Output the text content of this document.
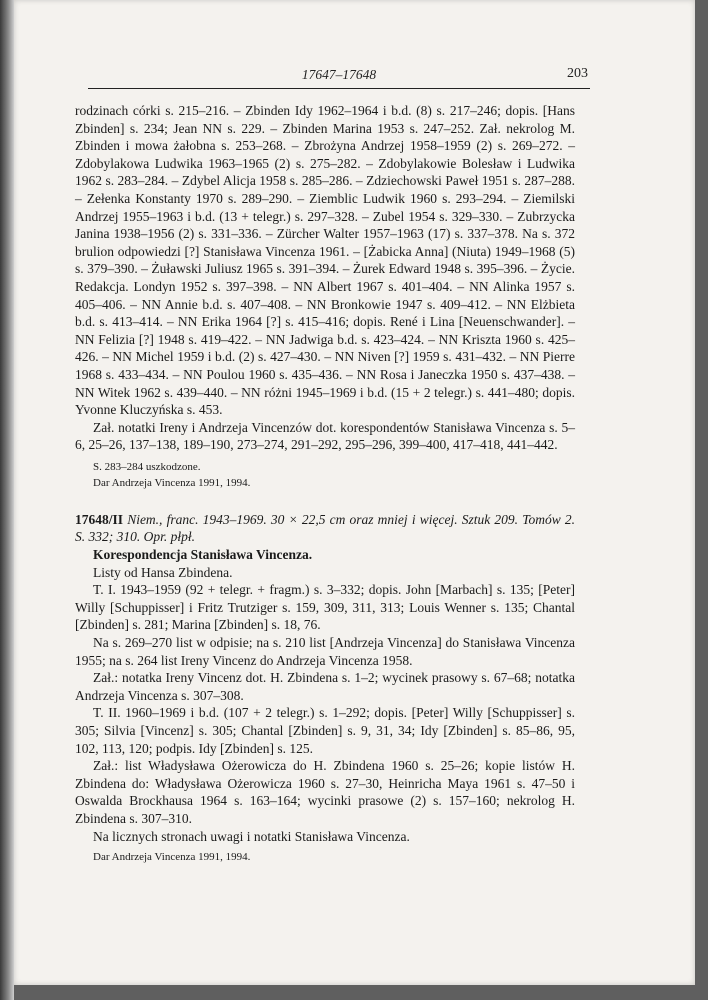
17647–17648	203

rodzinach córki s. 215–216. – Zbinden Idy 1962–1964 i b.d. (8) s. 217–246; dopis. [Hans Zbinden] s. 234; Jean NN s. 229. – Zbinden Marina 1953 s. 247–252. Zał. nekrolog M. Zbinden i mowa żałobna s. 253–268. – Zbrożyna Andrzej 1958–1959 (2) s. 269–272. – Zdobylakowa Ludwika 1963–1965 (2) s. 275–282. – Zdobylakowie Bolesław i Ludwika 1962 s. 283–284. – Zdybel Alicja 1958 s. 285–286. – Zdziechowski Paweł 1951 s. 287–288. – Zełenka Konstanty 1970 s. 289–290. – Ziemblic Ludwik 1960 s. 293–294. – Ziemilski Andrzej 1955–1963 i b.d. (13 + telegr.) s. 297–328. – Zubel 1954 s. 329–330. – Zubrzycka Janina 1938–1956 (2) s. 331–336. – Zürcher Walter 1957–1963 (17) s. 337–378. Na s. 372 brulion odpowiedzi [?] Stanisława Vincenza 1961. – [Żabicka Anna] (Niuta) 1949–1968 (5) s. 379–390. – Żuławski Juliusz 1965 s. 391–394. – Żurek Edward 1948 s. 395–396. – Życie. Redakcja. Londyn 1952 s. 397–398. – NN Albert 1967 s. 401–404. – NN Alinka 1957 s. 405–406. – NN Annie b.d. s. 407–408. – NN Bronkowie 1947 s. 409–412. – NN Elżbieta b.d. s. 413–414. – NN Erika 1964 [?] s. 415–416; dopis. René i Lina [Neuenschwander]. – NN Felizia [?] 1948 s. 419–422. – NN Jadwiga b.d. s. 423–424. – NN Kriszta 1960 s. 425–426. – NN Michel 1959 i b.d. (2) s. 427–430. – NN Niven [?] 1959 s. 431–432. – NN Pierre 1968 s. 433–434. – NN Poulou 1960 s. 435–436. – NN Rosa i Janeczka 1950 s. 437–438. – NN Witek 1962 s. 439–440. – NN różni 1945–1969 i b.d. (15 + 2 telegr.) s. 441–480; dopis. Yvonne Kluczyńska s. 453.

Zał. notatki Ireny i Andrzeja Vincenzów dot. korespondentów Stanisława Vincenza s. 5–6, 25–26, 137–138, 189–190, 273–274, 291–292, 295–296, 399–400, 417–418, 441–442.

S. 283–284 uszkodzone.

Dar Andrzeja Vincenza 1991, 1994.

17648/II Niem., franc. 1943–1969. 30 × 22,5 cm oraz mniej i więcej. Sztuk 209. Tomów 2. S. 332; 310. Opr. płpł.

Korespondencja Stanisława Vincenza.

Listy od Hansa Zbindena.

T. I. 1943–1959 (92 + telegr. + fragm.) s. 3–332; dopis. John [Marbach] s. 135; [Peter] Willy [Schuppisser] i Fritz Trutziger s. 159, 309, 311, 313; Louis Wenner s. 135; Chantal [Zbinden] s. 281; Marina [Zbinden] s. 18, 76.

Na s. 269–270 list w odpisie; na s. 210 list [Andrzeja Vincenza] do Stanisława Vincenza 1955; na s. 264 list Ireny Vincenz do Andrzeja Vincenza 1958.

Zał.: notatka Ireny Vincenz dot. H. Zbindena s. 1–2; wycinek prasowy s. 67–68; notatka Andrzeja Vincenza s. 307–308.

T. II. 1960–1969 i b.d. (107 + 2 telegr.) s. 1–292; dopis. [Peter] Willy [Schuppisser] s. 305; Silvia [Vincenz] s. 305; Chantal [Zbinden] s. 9, 31, 34; Idy [Zbinden] s. 85–86, 95, 102, 113, 120; podpis. Idy [Zbinden] s. 125.

Zał.: list Władysława Ożerowicza do H. Zbindena 1960 s. 25–26; kopie listów H. Zbindena do: Władysława Ożerowicza 1960 s. 27–30, Heinricha Maya 1961 s. 47–50 i Oswalda Brockhausa 1964 s. 163–164; wycinki prasowe (2) s. 157–160; nekrolog H. Zbindena s. 307–310.

Na licznych stronach uwagi i notatki Stanisława Vincenza.

Dar Andrzeja Vincenza 1991, 1994.
